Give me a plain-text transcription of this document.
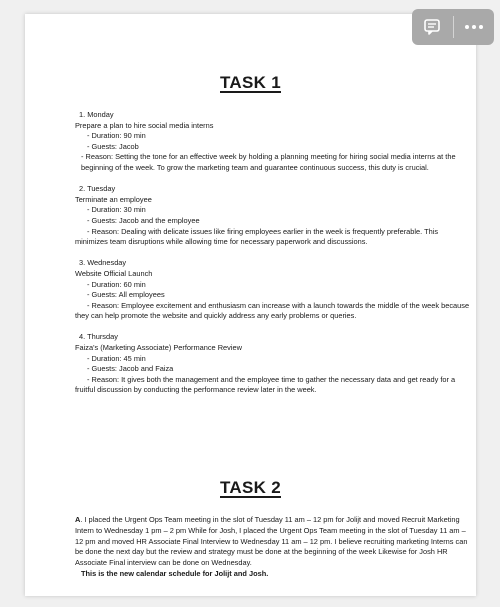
TASK 1

1. Monday

Prepare a plan to hire social media interns

- Duration: 90 min

- Guests: Jacob

- Reason: Setting the tone for an effective week by holding a planning meeting for hiring social media interns at the beginning of the week. To grow the marketing team and guarantee continuous success, this duty is crucial.

2. Tuesday

Terminate an employee

- Duration: 30 min

- Guests: Jacob and the employee

- Reason: Dealing with delicate issues like firing employees earlier in the week is frequently preferable. This minimizes team disruptions while allowing time for necessary paperwork and discussions.

3. Wednesday

Website Official Launch

- Duration: 60 min

- Guests: All employees

- Reason: Employee excitement and enthusiasm can increase with a launch towards the middle of the week because they can help promote the website and quickly address any early problems or queries.

4. Thursday

Faiza's (Marketing Associate) Performance Review

- Duration: 45 min

- Guests: Jacob and Faiza

- Reason: It gives both the management and the employee time to gather the necessary data and get ready for a fruitful discussion by conducting the performance review later in the week.

TASK 2

A. I placed the Urgent Ops Team meeting in the slot of Tuesday 11 am – 12 pm for Jolijt and moved Recruit Marketing Intern to Wednesday 1 pm – 2 pm While for Josh, I placed the Urgent Ops Team meeting in the slot of Tuesday 11 am – 12 pm and moved HR Associate Final Interview to Wednesday 11 am – 12 pm. I believe recruiting marketing Interns can be done the next day but the review and strategy must be done at the beginning of the week Likewise for Josh HR Associate Final interview can be done on Wednesday.

This is the new calendar schedule for Jolijt and Josh.
